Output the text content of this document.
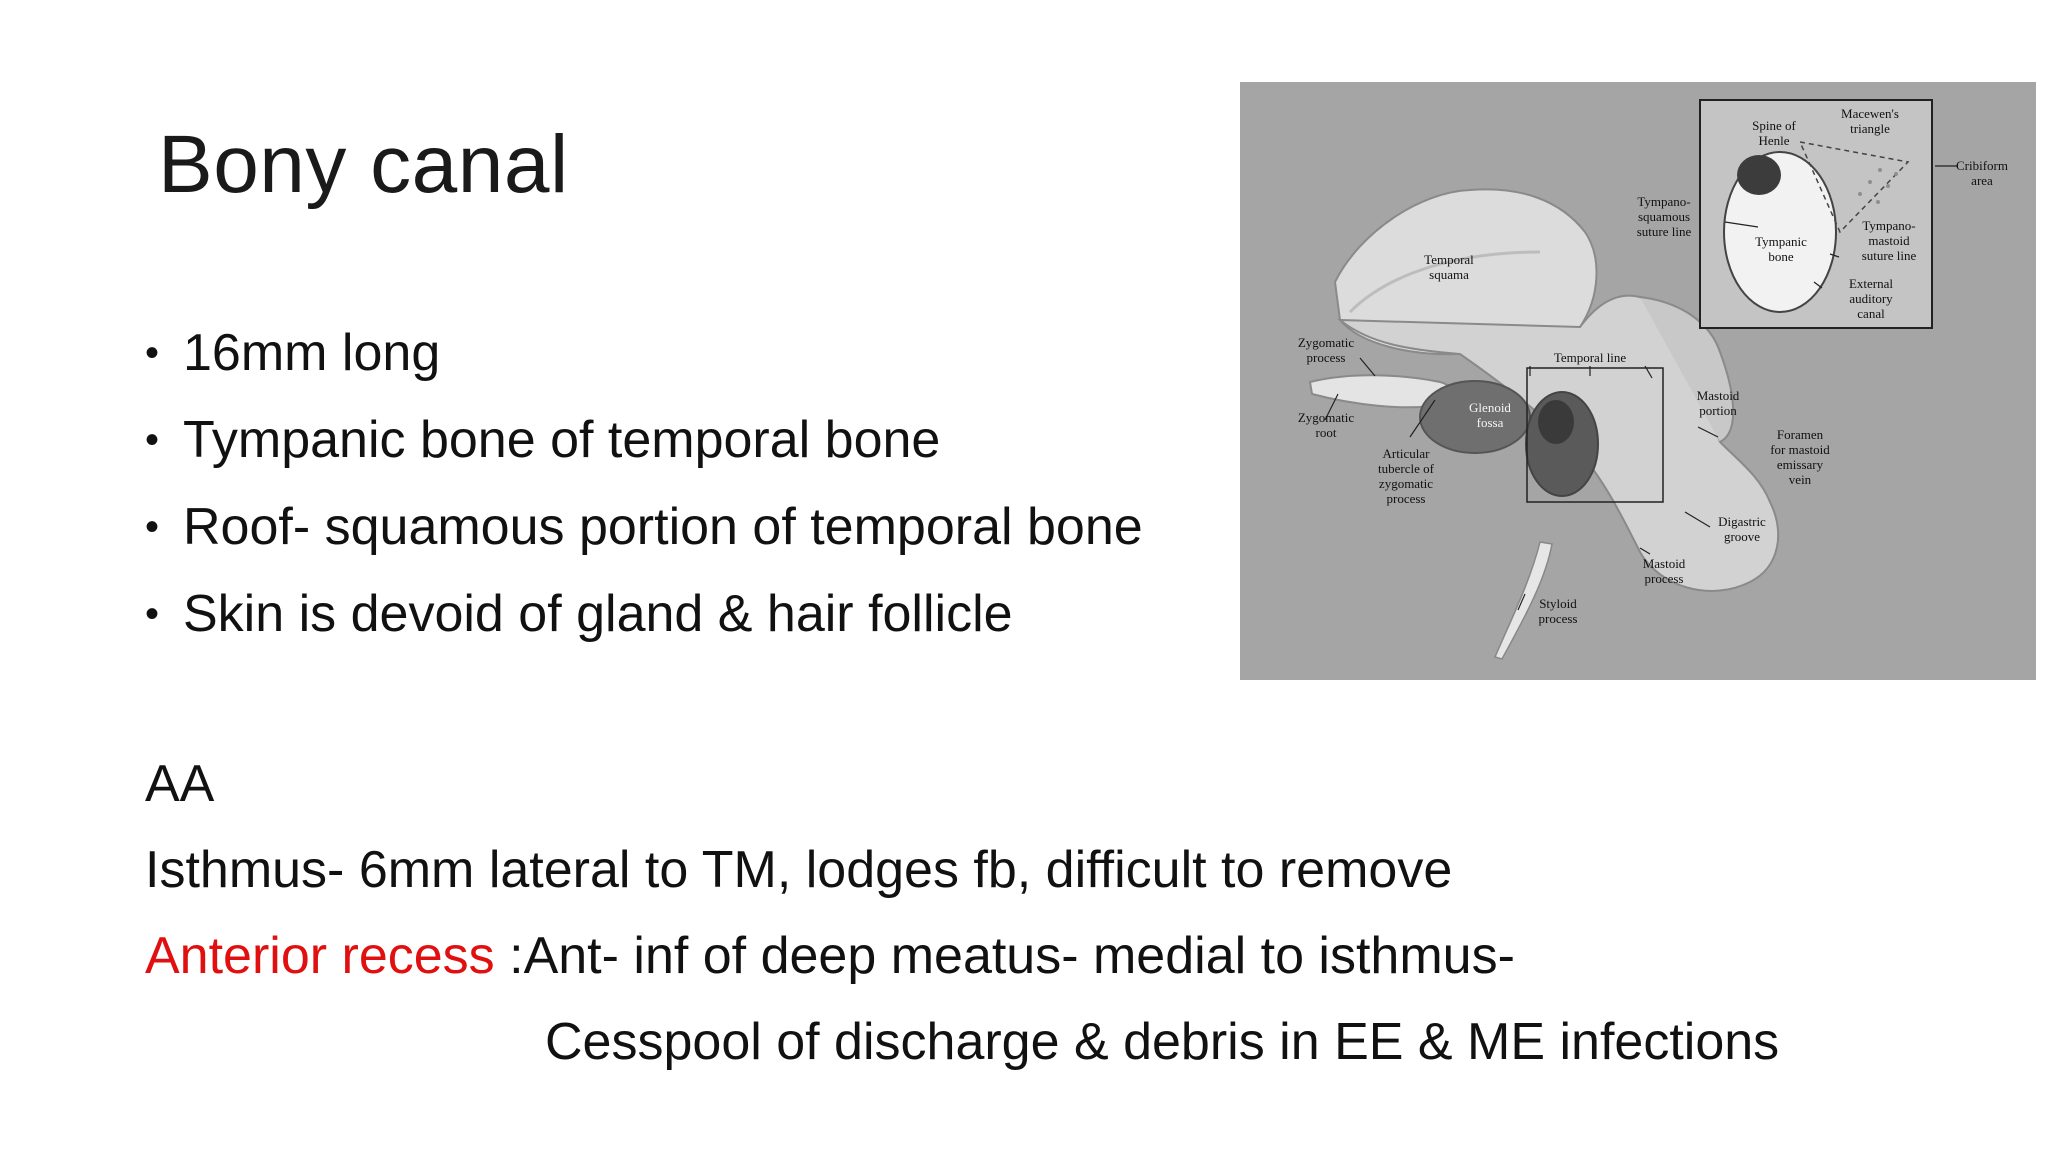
Bony canal
• 16mm long
• Tympanic bone of temporal bone
• Roof- squamous portion of temporal bone
• Skin is devoid of gland & hair follicle
AA
Isthmus- 6mm lateral to TM, lodges fb, difficult to remove
Anterior recess :Ant- inf of deep meatus- medial to isthmus-
Cesspool of discharge & debris in EE & ME infections
Temporal squama
Zygomatic process
Zygomatic root
Articular tubercle of zygomatic process
Glenoid fossa
Temporal line
Mastoid portion
Foramen for mastoid emissary vein
Digastric groove
Mastoid process
Styloid process
Spine of Henle
Macewen's triangle
Cribiform area
Tympano-squamous suture line
Tympanic bone
Tympano-mastoid suture line
External auditory canal
